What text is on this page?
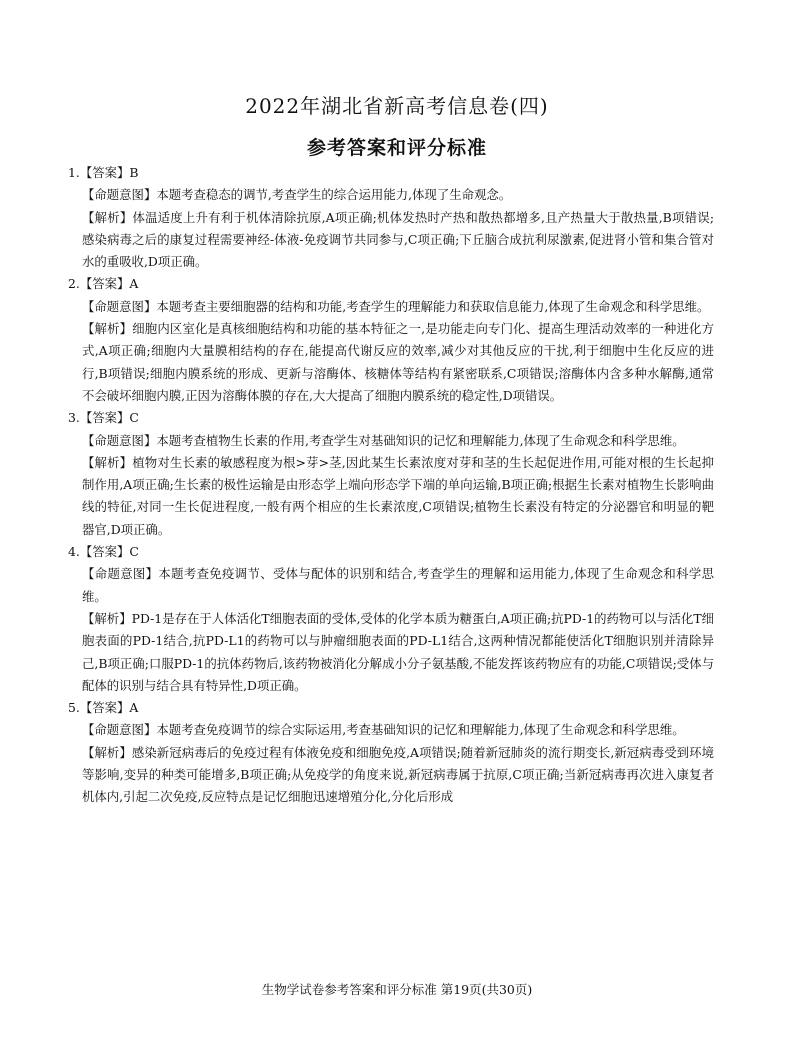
2022年湖北省新高考信息卷(四)
参考答案和评分标准

1.【答案】B

【命题意图】本题考查稳态的调节,考查学生的综合运用能力,体现了生命观念。

【解析】体温适度上升有利于机体清除抗原,A项正确;机体发热时产热和散热都增多,且产热量大于散热量,B项错误;感染病毒之后的康复过程需要神经-体液-免疫调节共同参与,C项正确;下丘脑合成抗利尿激素,促进肾小管和集合管对水的重吸收,D项正确。

2.【答案】A

【命题意图】本题考查主要细胞器的结构和功能,考查学生的理解能力和获取信息能力,体现了生命观念和科学思维。

【解析】细胞内区室化是真核细胞结构和功能的基本特征之一,是功能走向专门化、提高生理活动效率的一种进化方式,A项正确;细胞内大量膜相结构的存在,能提高代谢反应的效率,减少对其他反应的干扰,利于细胞中生化反应的进行,B项错误;细胞内膜系统的形成、更新与溶酶体、核糖体等结构有紧密联系,C项错误;溶酶体内含多种水解酶,通常不会破坏细胞内膜,正因为溶酶体膜的存在,大大提高了细胞内膜系统的稳定性,D项错误。

3.【答案】C

【命题意图】本题考查植物生长素的作用,考查学生对基础知识的记忆和理解能力,体现了生命观念和科学思维。

【解析】植物对生长素的敏感程度为根>芽>茎,因此某生长素浓度对芽和茎的生长起促进作用,可能对根的生长起抑制作用,A项正确;生长素的极性运输是由形态学上端向形态学下端的单向运输,B项正确;根据生长素对植物生长影响曲线的特征,对同一生长促进程度,一般有两个相应的生长素浓度,C项错误;植物生长素没有特定的分泌器官和明显的靶器官,D项正确。

4.【答案】C

【命题意图】本题考查免疫调节、受体与配体的识别和结合,考查学生的理解和运用能力,体现了生命观念和科学思维。

【解析】PD-1是存在于人体活化T细胞表面的受体,受体的化学本质为糖蛋白,A项正确;抗PD-1的药物可以与活化T细胞表面的PD-1结合,抗PD-L1的药物可以与肿瘤细胞表面的PD-L1结合,这两种情况都能使活化T细胞识别并清除异己,B项正确;口服PD-1的抗体药物后,该药物被消化分解成小分子氨基酸,不能发挥该药物应有的功能,C项错误;受体与配体的识别与结合具有特异性,D项正确。

5.【答案】A

【命题意图】本题考查免疫调节的综合实际运用,考查基础知识的记忆和理解能力,体现了生命观念和科学思维。

【解析】感染新冠病毒后的免疫过程有体液免疫和细胞免疫,A项错误;随着新冠肺炎的流行期变长,新冠病毒受到环境等影响,变异的种类可能增多,B项正确;从免疫学的角度来说,新冠病毒属于抗原,C项正确;当新冠病毒再次进入康复者机体内,引起二次免疫,反应特点是记忆细胞迅速增殖分化,分化后形成

生物学试卷参考答案和评分标准 第19页(共30页)
